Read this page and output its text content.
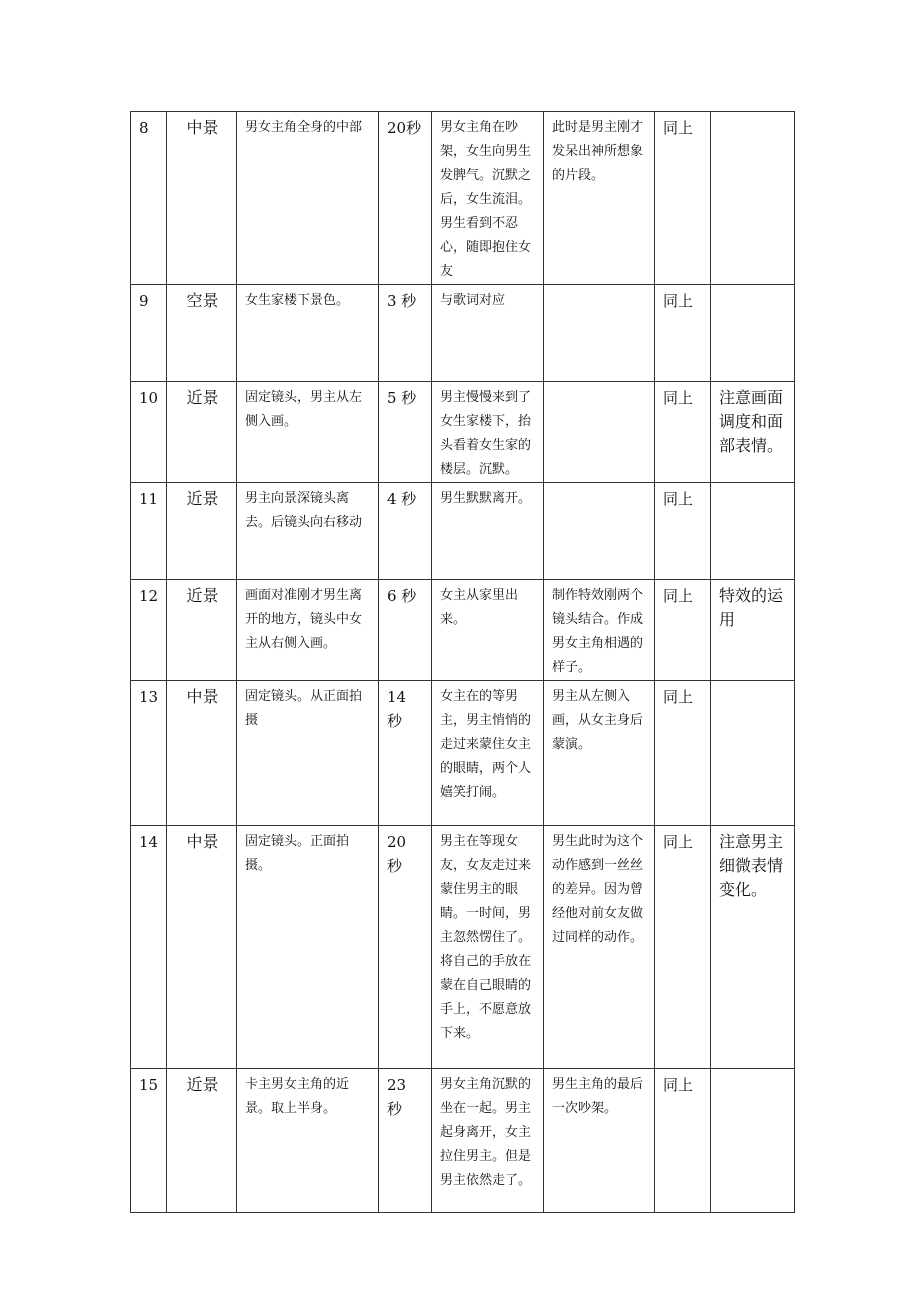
8	中景	男女主角全身的中部	20秒	男女主角在吵架，女生向男生发脾气。沉默之后，女生流泪。男生看到不忍心，随即抱住女友	此时是男主刚才发呆出神所想象的片段。	同上	
9	空景	女生家楼下景色。	3 秒	与歌词对应		同上	
10	近景	固定镜头，男主从左侧入画。	5 秒	男主慢慢来到了女生家楼下，抬头看着女生家的楼层。沉默。		同上	注意画面调度和面部表情。
11	近景	男主向景深镜头离去。后镜头向右移动	4 秒	男生默默离开。		同上	
12	近景	画面对准刚才男生离开的地方，镜头中女主从右侧入画。	6 秒	女主从家里出来。	制作特效刚两个镜头结合。作成男女主角相遇的样子。	同上	特效的运用
13	中景	固定镜头。从正面拍摄	14 秒	女主在的等男主，男主悄悄的走过来蒙住女主的眼睛，两个人嬉笑打闹。	男主从左侧入画，从女主身后蒙演。	同上	
14	中景	固定镜头。正面拍摄。	20 秒	男主在等现女友，女友走过来蒙住男主的眼睛。一时间，男主忽然愣住了。将自己的手放在蒙在自己眼睛的手上，不愿意放下来。	男生此时为这个动作感到一丝丝的差异。因为曾经他对前女友做过同样的动作。	同上	注意男主细微表情变化。
15	近景	卡主男女主角的近景。取上半身。	23 秒	男女主角沉默的坐在一起。男主起身离开，女主拉住男主。但是男主依然走了。	男生主角的最后一次吵架。	同上	
